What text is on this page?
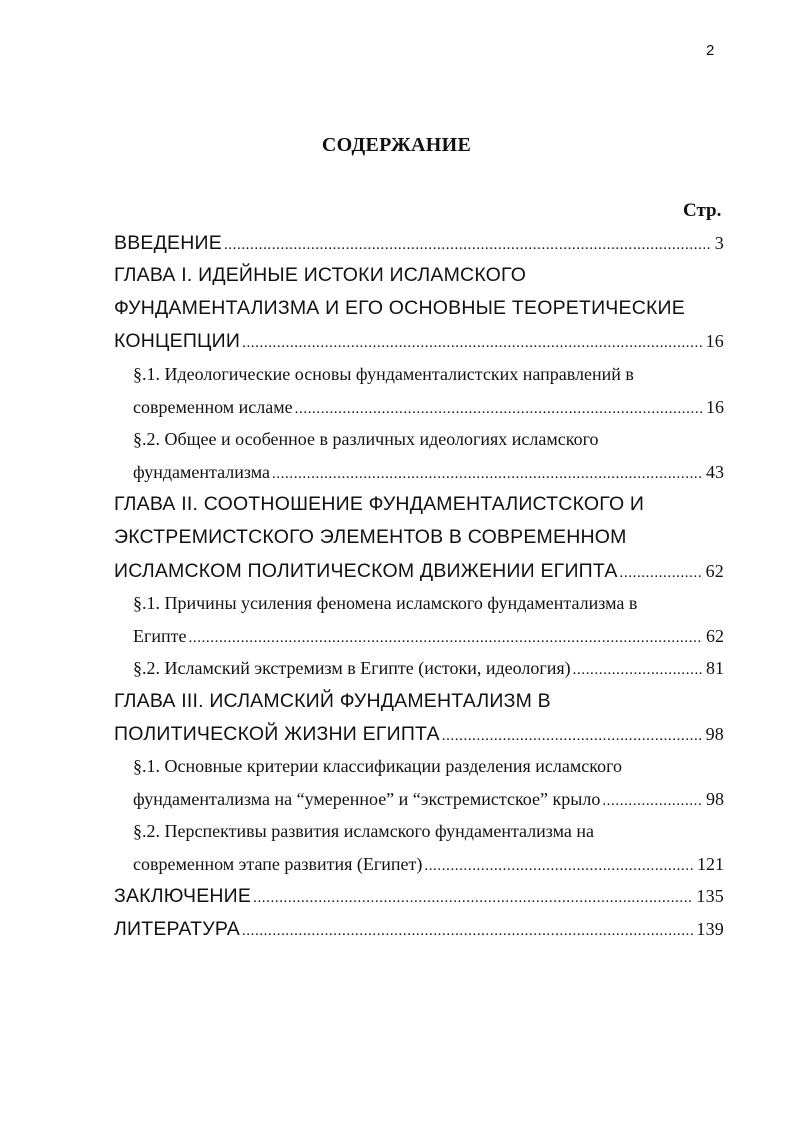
2
СОДЕРЖАНИЕ
Стр.
ВВЕДЕНИЕ .....	3
ГЛАВА I. ИДЕЙНЫЕ ИСТОКИ ИСЛАМСКОГО
ФУНДАМЕНТАЛИЗМА И ЕГО ОСНОВНЫЕ ТЕОРЕТИЧЕСКИЕ
КОНЦЕПЦИИ .....	16
§.1. Идеологические основы фундаменталистских направлений в
современном исламе .....	16
§.2. Общее и особенное в различных идеологиях исламского
фундаментализма .....	43
ГЛАВА II. СООТНОШЕНИЕ ФУНДАМЕНТАЛИСТСКОГО И
ЭКСТРЕМИСТСКОГО ЭЛЕМЕНТОВ В СОВРЕМЕННОМ
ИСЛАМСКОМ ПОЛИТИЧЕСКОМ ДВИЖЕНИИ ЕГИПТА .....	62
§.1. Причины усиления феномена исламского фундаментализма в
Египте .....	62
§.2. Исламский экстремизм в Египте (истоки, идеология) .....	81
ГЛАВА III. ИСЛАМСКИЙ ФУНДАМЕНТАЛИЗМ В
ПОЛИТИЧЕСКОЙ ЖИЗНИ ЕГИПТА .....	98
§.1. Основные критерии классификации разделения исламского
фундаментализма на “умеренное” и “экстремистское” крыло .....	98
§.2. Перспективы развития исламского фундаментализма на
современном этапе развития (Египет) .....	121
ЗАКЛЮЧЕНИЕ .....	135
ЛИТЕРАТУРА .....	139
